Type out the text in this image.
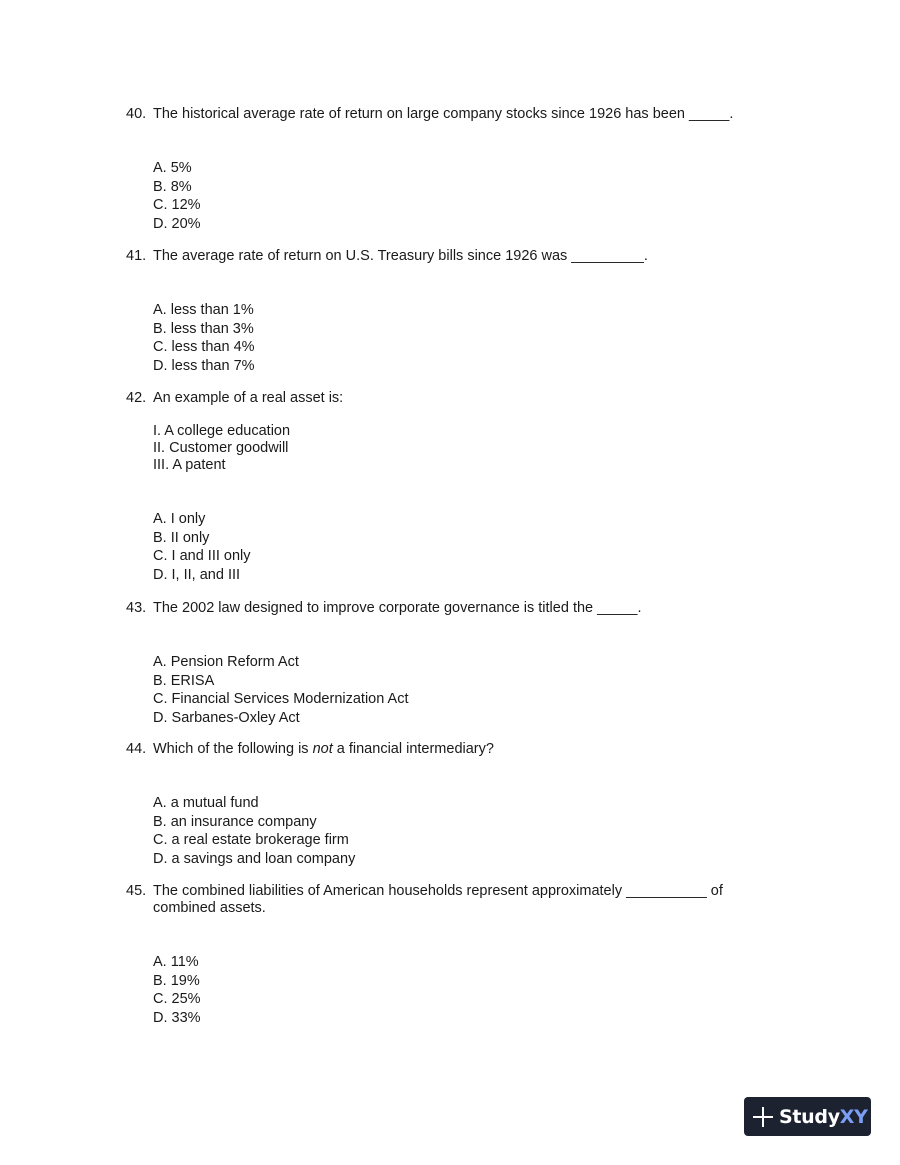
40. The historical average rate of return on large company stocks since 1926 has been _____.
A. 5%
B. 8%
C. 12%
D. 20%
41. The average rate of return on U.S. Treasury bills since 1926 was _________.
A. less than 1%
B. less than 3%
C. less than 4%
D. less than 7%
42. An example of a real asset is:
I. A college education
II. Customer goodwill
III. A patent
A. I only
B. II only
C. I and III only
D. I, II, and III
43. The 2002 law designed to improve corporate governance is titled the _____.
A. Pension Reform Act
B. ERISA
C. Financial Services Modernization Act
D. Sarbanes-Oxley Act
44. Which of the following is not a financial intermediary?
A. a mutual fund
B. an insurance company
C. a real estate brokerage firm
D. a savings and loan company
45. The combined liabilities of American households represent approximately __________ of combined assets.
A. 11%
B. 19%
C. 25%
D. 33%
StudyXY
